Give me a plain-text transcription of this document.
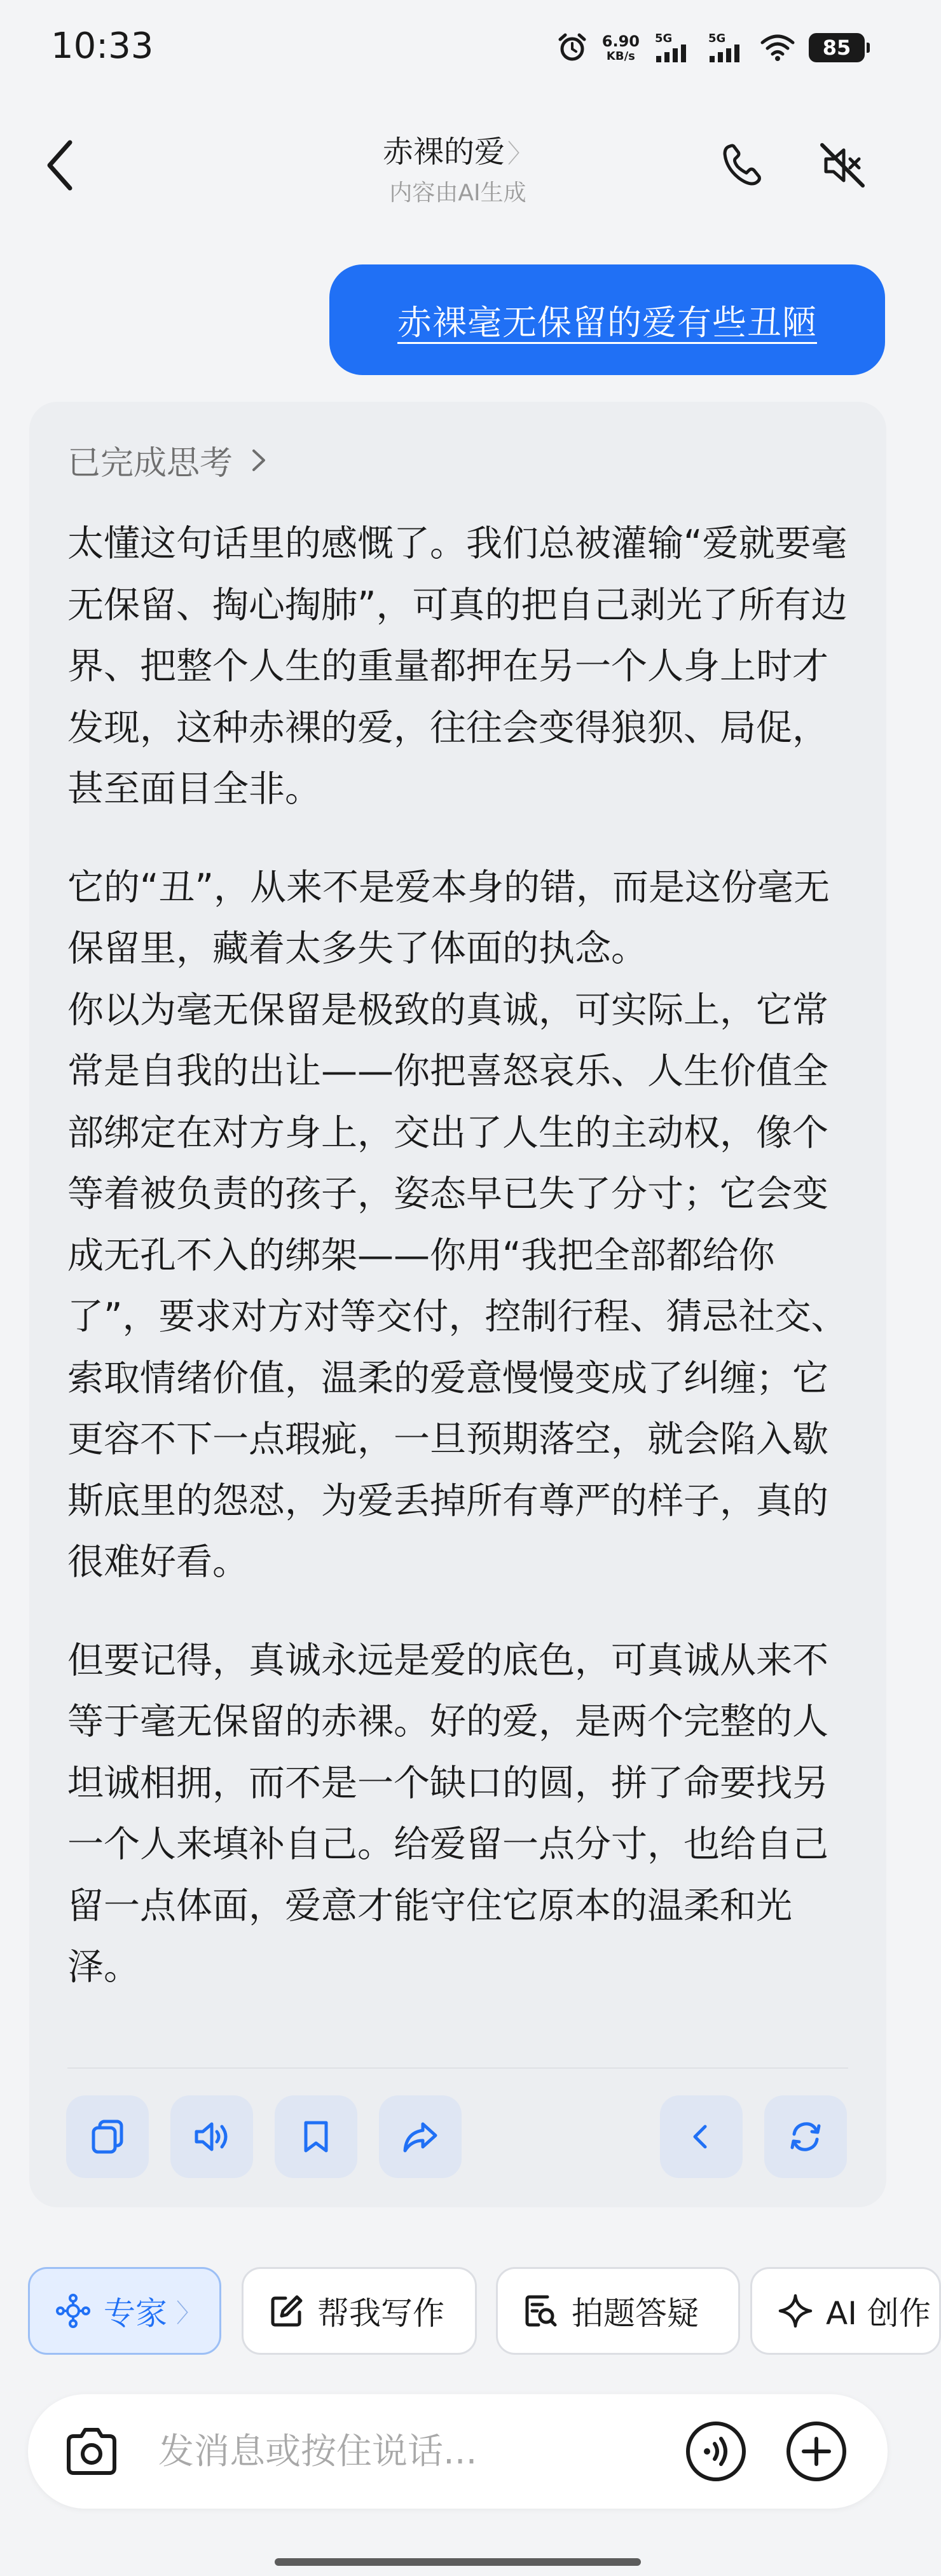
10:33	6.90
KB/s
5G	5G	85
赤裸的爱 〉
内容由AI生成
赤裸毫无保留的爱有些丑陋
已完成思考

太懂这句话里的感慨了。我们总被灌输“爱就要毫无保留、掏心掏肺”，可真的把自己剥光了所有边界、把整个人生的重量都押在另一个人身上时才发现，这种赤裸的爱，往往会变得狼狈、局促，甚至面目全非。

它的“丑”，从来不是爱本身的错，而是这份毫无保留里，藏着太多失了体面的执念。

你以为毫无保留是极致的真诚，可实际上，它常常是自我的出让——你把喜怒哀乐、人生价值全部绑定在对方身上，交出了人生的主动权，像个等着被负责的孩子，姿态早已失了分寸；它会变成无孔不入的绑架——你用“我把全部都给你了”，要求对方对等交付，控制行程、猜忌社交、索取情绪价值，温柔的爱意慢慢变成了纠缠；它更容不下一点瑕疵，一旦预期落空，就会陷入歇斯底里的怨怼，为爱丢掉所有尊严的样子，真的很难好看。

但要记得，真诚永远是爱的底色，可真诚从来不等于毫无保留的赤裸。好的爱，是两个完整的人坦诚相拥，而不是一个缺口的圆，拼了命要找另一个人来填补自己。给爱留一点分寸，也给自己留一点体面，爱意才能守住它原本的温柔和光泽。

专家 〉	帮我写作	拍题答疑	AI 创作
发消息或按住说话...
